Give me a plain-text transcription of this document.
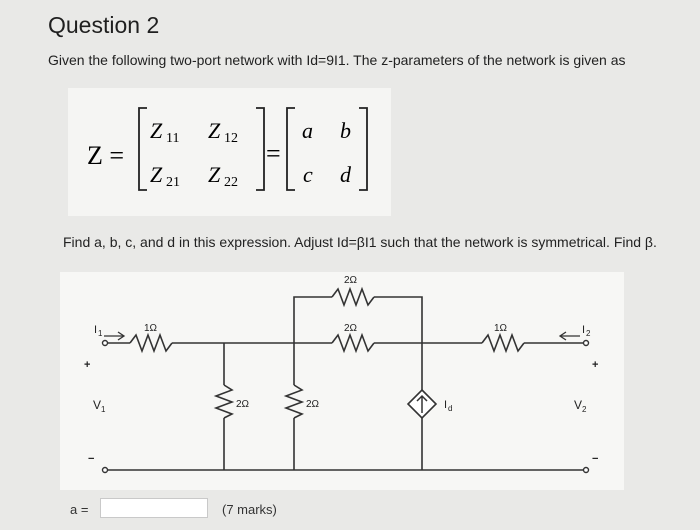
Question 2
Given the following two-port network with Id=9I1. The z-parameters of the network is given as
Z =
Z 11 Z 12
Z 21 Z 22
=
a b
c d
Find a, b, c, and d in this expression. Adjust Id=βI1 such that the network is symmetrical. Find β.
2Ω
1Ω	2Ω	1Ω
2Ω	2Ω
I 1	I 2
V 1	V 2
I d
+
−
+
−
a =	(7 marks)
